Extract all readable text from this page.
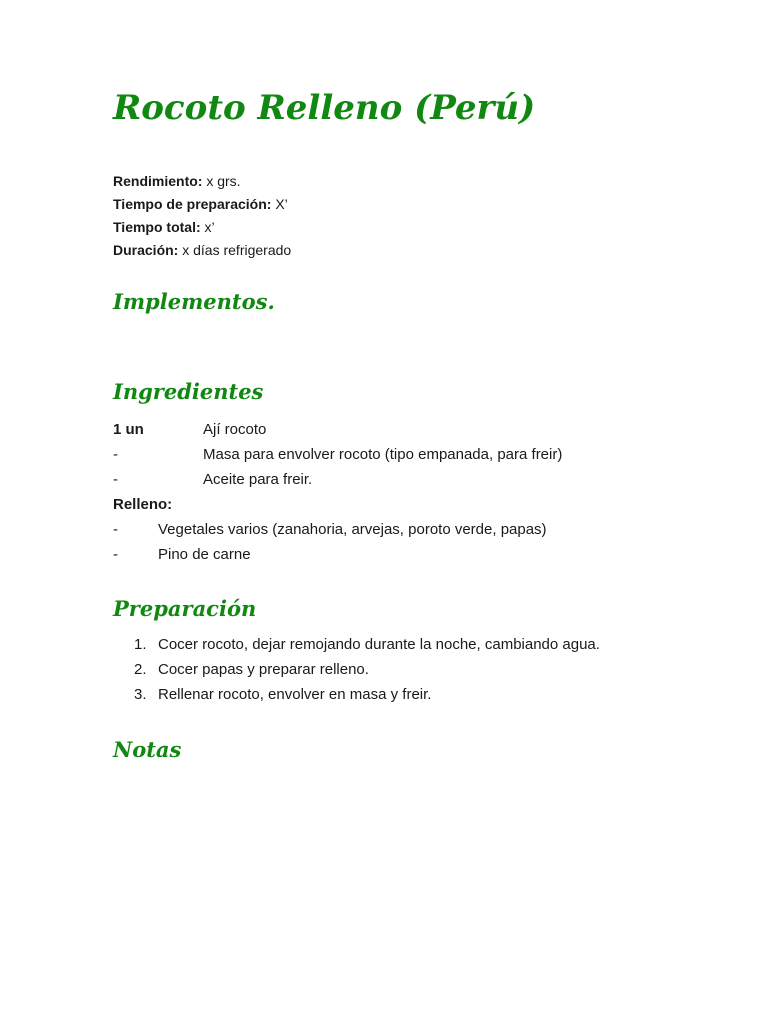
Rocoto Relleno (Perú)
Rendimiento: x grs.
Tiempo de preparación: X’
Tiempo total: x’
Duración: x días refrigerado
Implementos.
Ingredientes
1 un	Ají rocoto
-	Masa para envolver rocoto (tipo empanada, para freir)
-	Aceite para freir.
Relleno:
-	Vegetales varios (zanahoria, arvejas, poroto verde, papas)
-	Pino de carne
Preparación
1. Cocer rocoto, dejar remojando durante la noche, cambiando agua.
2. Cocer papas y preparar relleno.
3. Rellenar rocoto, envolver en masa y freir.
Notas
